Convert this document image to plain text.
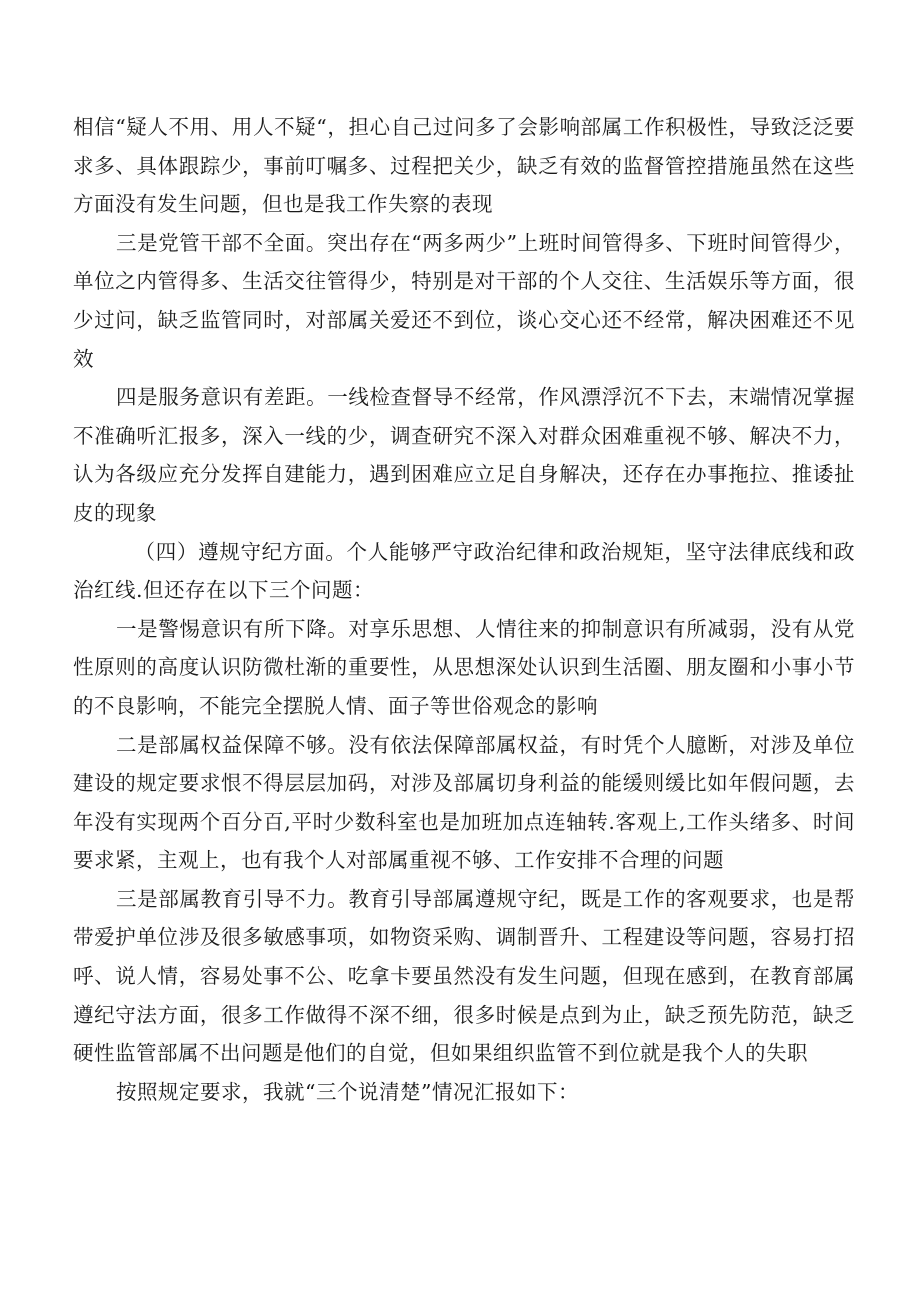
相信“疑人不用、用人不疑“，担心自己过问多了会影响部属工作积极性，导致泛泛要求多、具体跟踪少，事前叮嘱多、过程把关少，缺乏有效的监督管控措施虽然在这些方面没有发生问题，但也是我工作失察的表现

三是党管干部不全面。突出存在“两多两少”上班时间管得多、下班时间管得少，单位之内管得多、生活交往管得少，特别是对干部的个人交往、生活娱乐等方面，很少过问，缺乏监管同时，对部属关爱还不到位，谈心交心还不经常，解决困难还不见效

四是服务意识有差距。一线检查督导不经常，作风漂浮沉不下去，末端情况掌握不准确听汇报多，深入一线的少，调查研究不深入对群众困难重视不够、解决不力，认为各级应充分发挥自建能力，遇到困难应立足自身解决，还存在办事拖拉、推诿扯皮的现象

（四）遵规守纪方面。个人能够严守政治纪律和政治规矩，坚守法律底线和政治红线.但还存在以下三个问题：

一是警惕意识有所下降。对享乐思想、人情往来的抑制意识有所减弱，没有从党性原则的高度认识防微杜渐的重要性，从思想深处认识到生活圈、朋友圈和小事小节的不良影响，不能完全摆脱人情、面子等世俗观念的影响

二是部属权益保障不够。没有依法保障部属权益，有时凭个人臆断，对涉及单位建设的规定要求恨不得层层加码，对涉及部属切身利益的能缓则缓比如年假问题，去年没有实现两个百分百,平时少数科室也是加班加点连轴转.客观上,工作头绪多、时间要求紧，主观上，也有我个人对部属重视不够、工作安排不合理的问题

三是部属教育引导不力。教育引导部属遵规守纪，既是工作的客观要求，也是帮带爱护单位涉及很多敏感事项，如物资采购、调制晋升、工程建设等问题，容易打招呼、说人情，容易处事不公、吃拿卡要虽然没有发生问题，但现在感到，在教育部属遵纪守法方面，很多工作做得不深不细，很多时候是点到为止，缺乏预先防范，缺乏硬性监管部属不出问题是他们的自觉，但如果组织监管不到位就是我个人的失职

按照规定要求，我就“三个说清楚”情况汇报如下：
